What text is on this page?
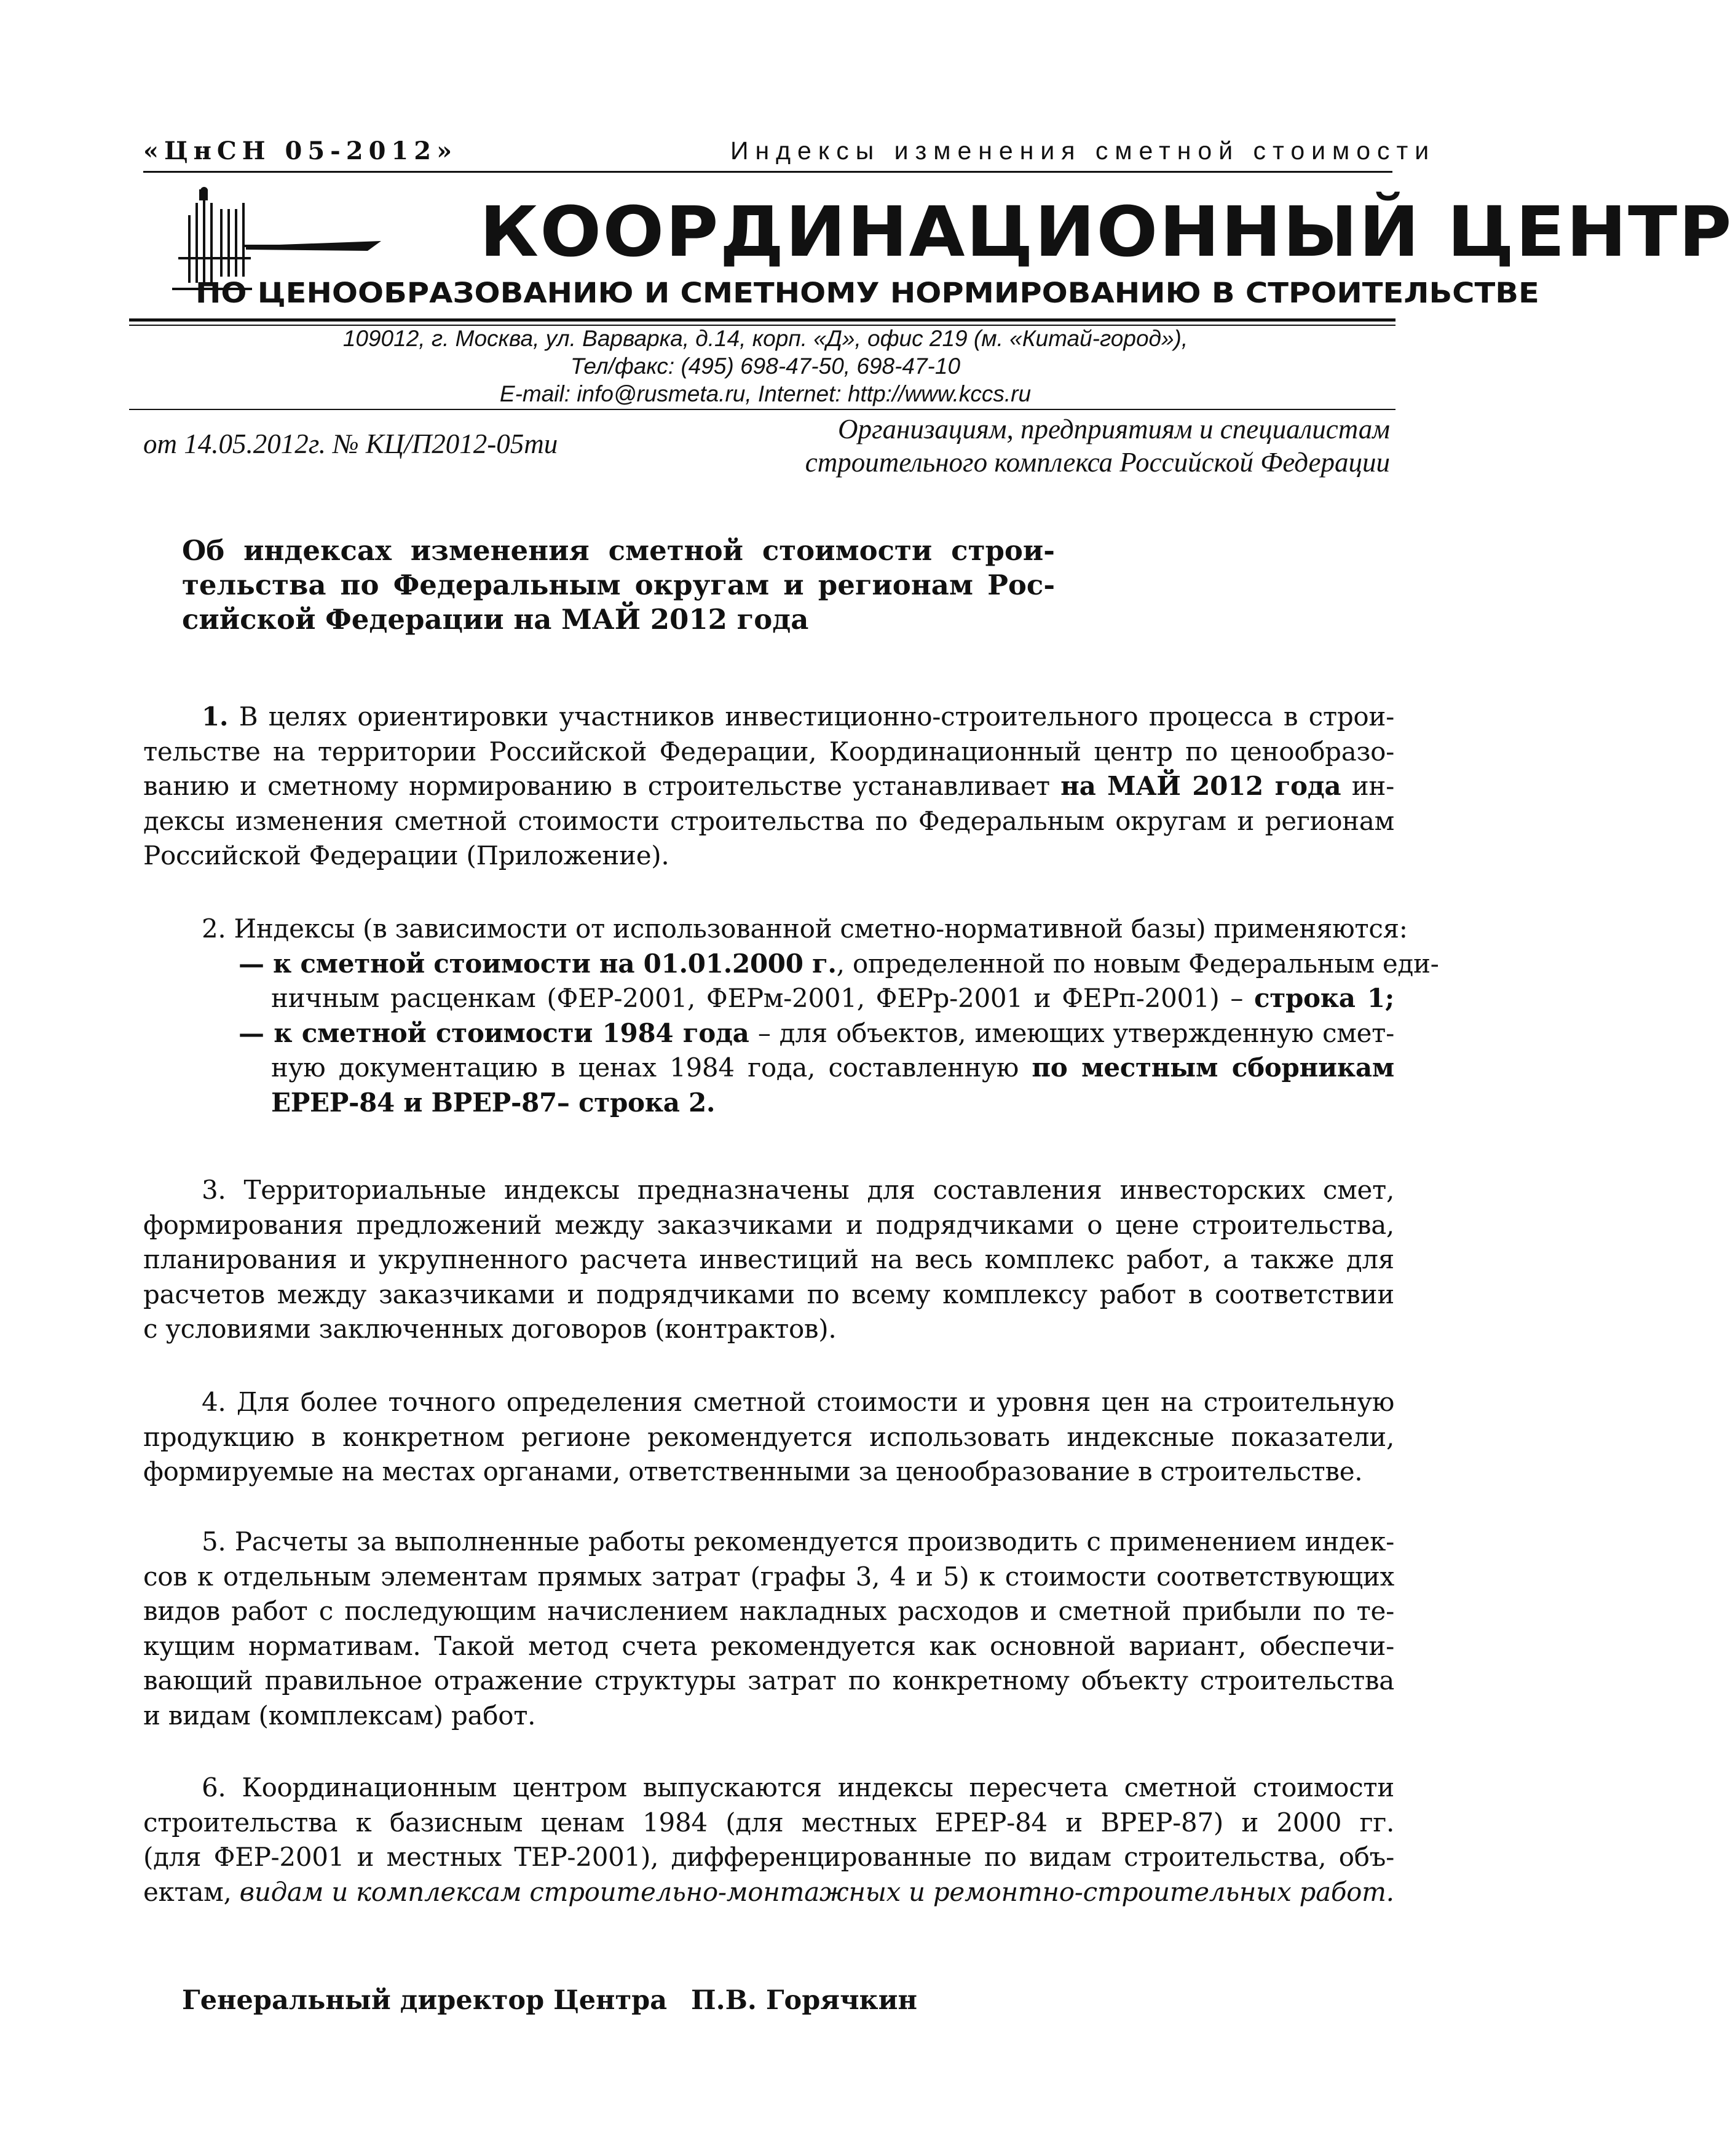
«ЦнСН 05-2012»	Индексы изменения сметной стоимости
КООРДИНАЦИОННЫЙ ЦЕНТР
ПО ЦЕНООБРАЗОВАНИЮ И СМЕТНОМУ НОРМИРОВАНИЮ В СТРОИТЕЛЬСТВЕ
109012, г. Москва, ул. Варварка, д.14, корп. «Д», офис 219 (м. «Китай-город»),
Тел/факс: (495) 698-47-50, 698-47-10
E-mail: info@rusmeta.ru, Internet: http://www.kccs.ru
от 14.05.2012г. № КЦ/П2012-05ти	Организациям, предприятиям и специалистам
строительного комплекса Российской Федерации
Об индексах изменения сметной стоимости строи-
тельства по Федеральным округам и регионам Рос-
сийской Федерации на МАЙ 2012 года
1. В целях ориентировки участников инвестиционно-строительного процесса в строи-
тельстве на территории Российской Федерации, Координационный центр по ценообразо-
ванию и сметному нормированию в строительстве устанавливает на МАЙ 2012 года ин-
дексы изменения сметной стоимости строительства по Федеральным округам и регионам
Российской Федерации (Приложение).
2. Индексы (в зависимости от использованной сметно-нормативной базы) применяются:
— к сметной стоимости на 01.01.2000 г., определенной по новым Федеральным еди-
ничным расценкам (ФЕР-2001, ФЕРм-2001, ФЕРр-2001 и ФЕРп-2001) – строка 1;
— к сметной стоимости 1984 года – для объектов, имеющих утвержденную смет-
ную документацию в ценах 1984 года, составленную по местным сборникам
ЕРЕР-84 и ВРЕР-87– строка 2.
3. Территориальные индексы предназначены для составления инвесторских смет,
формирования предложений между заказчиками и подрядчиками о цене строительства,
планирования и укрупненного расчета инвестиций на весь комплекс работ, а также для
расчетов между заказчиками и подрядчиками по всему комплексу работ в соответствии
с условиями заключенных договоров (контрактов).
4. Для более точного определения сметной стоимости и уровня цен на строительную
продукцию в конкретном регионе рекомендуется использовать индексные показатели,
формируемые на местах органами, ответственными за ценообразование в строительстве.
5. Расчеты за выполненные работы рекомендуется производить с применением индек-
сов к отдельным элементам прямых затрат (графы 3, 4 и 5) к стоимости соответствующих
видов работ с последующим начислением накладных расходов и сметной прибыли по те-
кущим нормативам. Такой метод счета рекомендуется как основной вариант, обеспечи-
вающий правильное отражение структуры затрат по конкретному объекту строительства
и видам (комплексам) работ.
6. Координационным центром выпускаются индексы пересчета сметной стоимости
строительства к базисным ценам 1984 (для местных ЕРЕР-84 и ВРЕР-87) и 2000 гг.
(для ФЕР-2001 и местных ТЕР-2001), дифференцированные по видам строительства, объ-
ектам, видам и комплексам строительно-монтажных и ремонтно-строительных работ.
Генеральный директор Центра П.В. Горячкин
